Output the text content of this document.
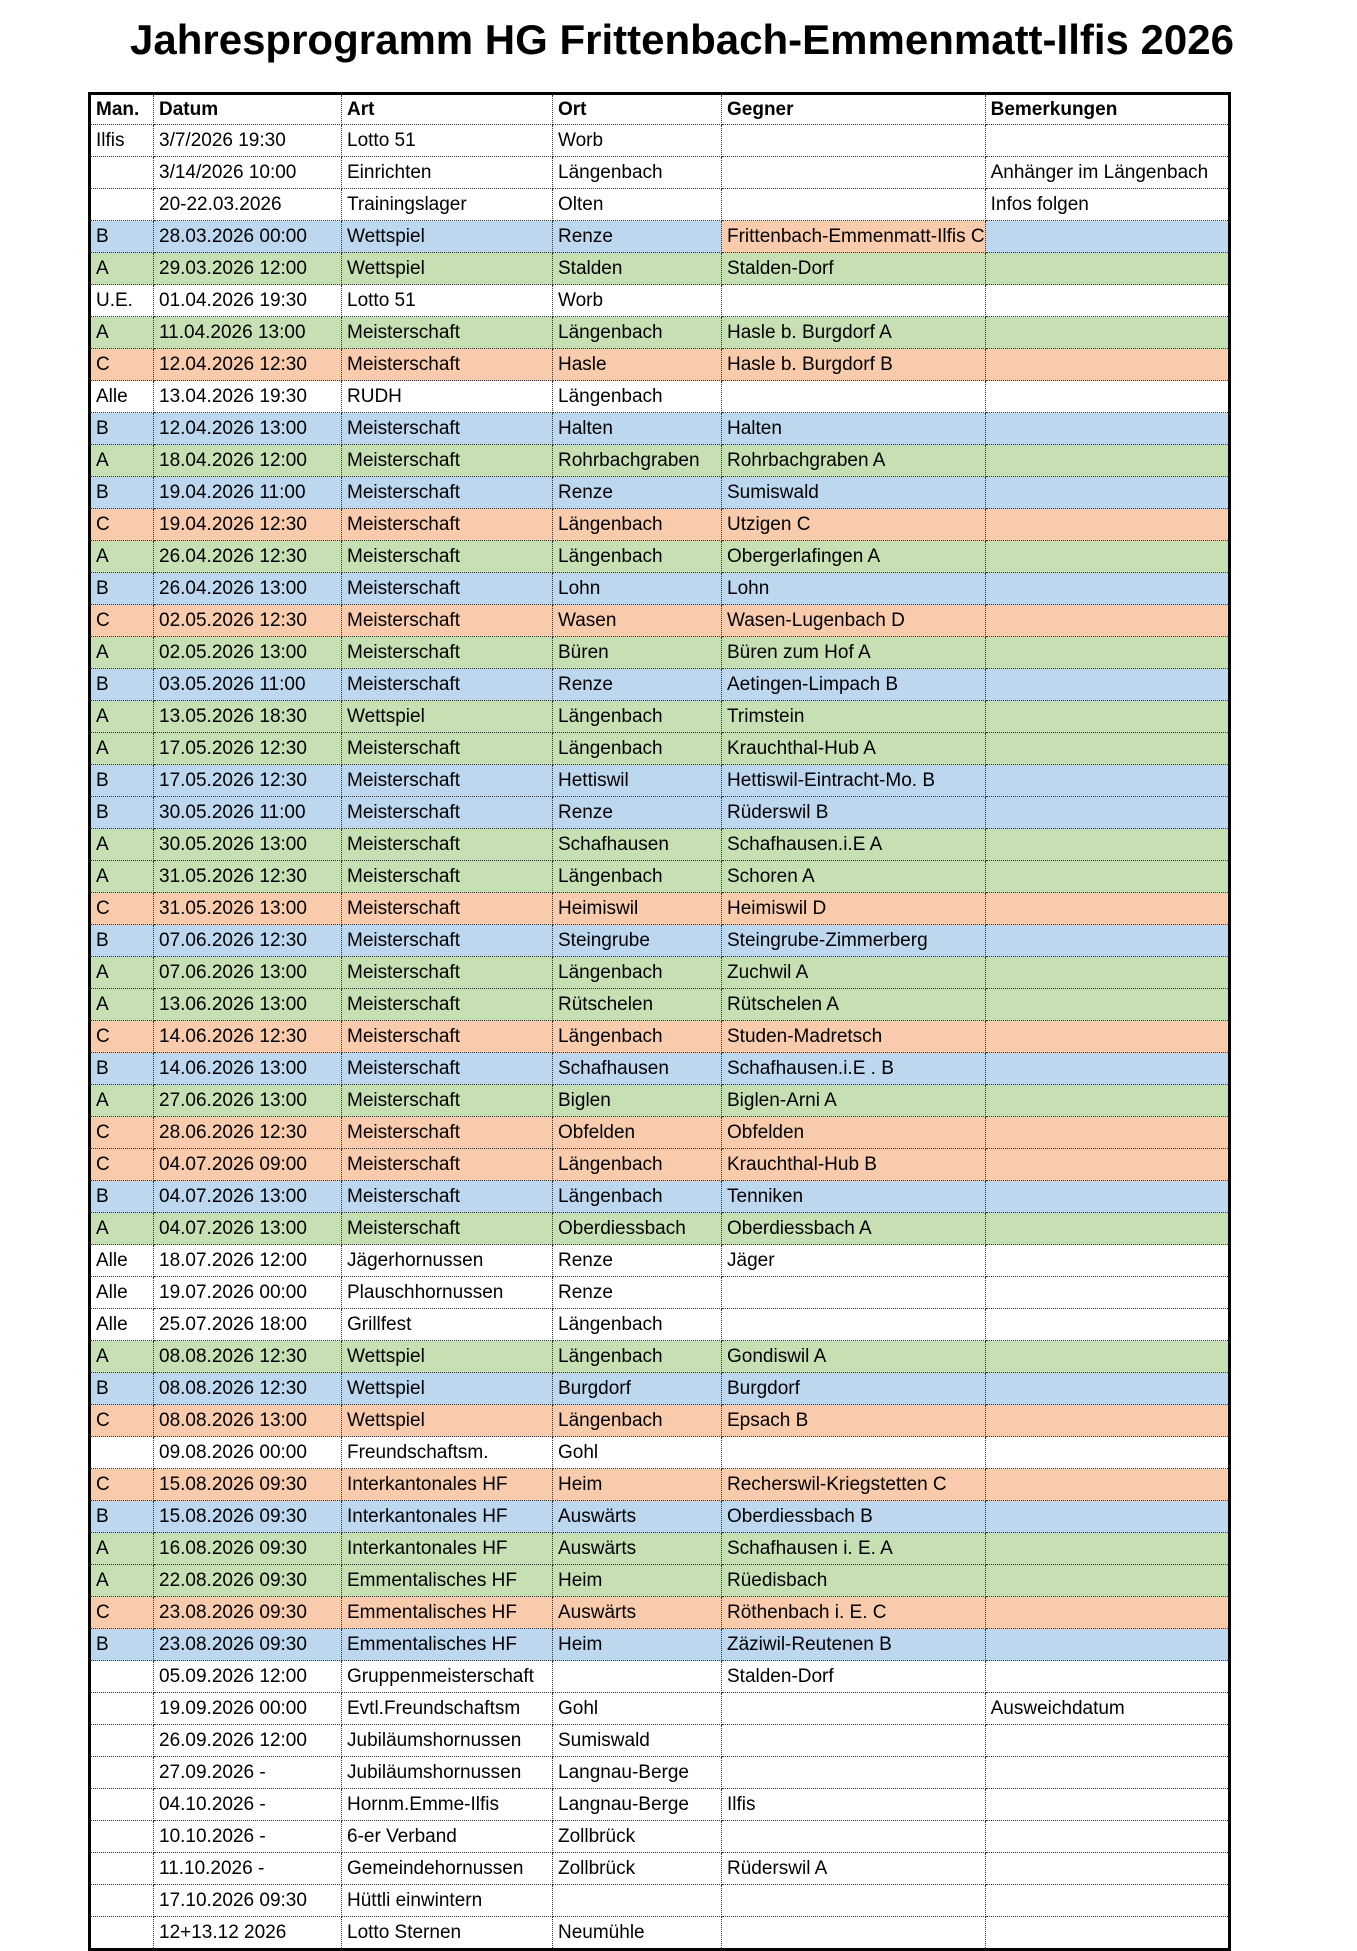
Jahresprogramm HG Frittenbach-Emmenmatt-Ilfis 2026
Man.	Datum	Art	Ort	Gegner	Bemerkungen
Ilfis	3/7/2026 19:30	Lotto 51	Worb		
	3/14/2026 10:00	Einrichten	Längenbach		Anhänger im Längenbach
	20-22.03.2026	Trainingslager	Olten		Infos folgen
B	28.03.2026 00:00	Wettspiel	Renze	Frittenbach-Emmenmatt-Ilfis C	
A	29.03.2026 12:00	Wettspiel	Stalden	Stalden-Dorf	
U.E.	01.04.2026 19:30	Lotto 51	Worb		
A	11.04.2026 13:00	Meisterschaft	Längenbach	Hasle b. Burgdorf A	
C	12.04.2026 12:30	Meisterschaft	Hasle	Hasle b. Burgdorf B	
Alle	13.04.2026 19:30	RUDH	Längenbach		
B	12.04.2026 13:00	Meisterschaft	Halten	Halten	
A	18.04.2026 12:00	Meisterschaft	Rohrbachgraben	Rohrbachgraben A	
B	19.04.2026 11:00	Meisterschaft	Renze	Sumiswald	
C	19.04.2026 12:30	Meisterschaft	Längenbach	Utzigen C	
A	26.04.2026 12:30	Meisterschaft	Längenbach	Obergerlafingen A	
B	26.04.2026 13:00	Meisterschaft	Lohn	Lohn	
C	02.05.2026 12:30	Meisterschaft	Wasen	Wasen-Lugenbach D	
A	02.05.2026 13:00	Meisterschaft	Büren	Büren zum Hof A	
B	03.05.2026 11:00	Meisterschaft	Renze	Aetingen-Limpach B	
A	13.05.2026 18:30	Wettspiel	Längenbach	Trimstein	
A	17.05.2026 12:30	Meisterschaft	Längenbach	Krauchthal-Hub A	
B	17.05.2026 12:30	Meisterschaft	Hettiswil	Hettiswil-Eintracht-Mo. B	
B	30.05.2026 11:00	Meisterschaft	Renze	Rüderswil B	
A	30.05.2026 13:00	Meisterschaft	Schafhausen	Schafhausen.i.E A	
A	31.05.2026 12:30	Meisterschaft	Längenbach	Schoren A	
C	31.05.2026 13:00	Meisterschaft	Heimiswil	Heimiswil D	
B	07.06.2026 12:30	Meisterschaft	Steingrube	Steingrube-Zimmerberg	
A	07.06.2026 13:00	Meisterschaft	Längenbach	Zuchwil A	
A	13.06.2026 13:00	Meisterschaft	Rütschelen	Rütschelen A	
C	14.06.2026 12:30	Meisterschaft	Längenbach	Studen-Madretsch	
B	14.06.2026 13:00	Meisterschaft	Schafhausen	Schafhausen.i.E . B	
A	27.06.2026 13:00	Meisterschaft	Biglen	Biglen-Arni A	
C	28.06.2026 12:30	Meisterschaft	Obfelden	Obfelden	
C	04.07.2026 09:00	Meisterschaft	Längenbach	Krauchthal-Hub B	
B	04.07.2026 13:00	Meisterschaft	Längenbach	Tenniken	
A	04.07.2026 13:00	Meisterschaft	Oberdiessbach	Oberdiessbach A	
Alle	18.07.2026 12:00	Jägerhornussen	Renze	Jäger	
Alle	19.07.2026 00:00	Plauschhornussen	Renze		
Alle	25.07.2026 18:00	Grillfest	Längenbach		
A	08.08.2026 12:30	Wettspiel	Längenbach	Gondiswil A	
B	08.08.2026 12:30	Wettspiel	Burgdorf	Burgdorf	
C	08.08.2026 13:00	Wettspiel	Längenbach	Epsach B	
	09.08.2026 00:00	Freundschaftsm.	Gohl		
C	15.08.2026 09:30	Interkantonales HF	Heim	Recherswil-Kriegstetten C	
B	15.08.2026 09:30	Interkantonales HF	Auswärts	Oberdiessbach B	
A	16.08.2026 09:30	Interkantonales HF	Auswärts	Schafhausen i. E. A	
A	22.08.2026 09:30	Emmentalisches HF	Heim	Rüedisbach	
C	23.08.2026 09:30	Emmentalisches HF	Auswärts	Röthenbach i. E. C	
B	23.08.2026 09:30	Emmentalisches HF	Heim	Zäziwil-Reutenen B	
	05.09.2026 12:00	Gruppenmeisterschaft		Stalden-Dorf	
	19.09.2026 00:00	Evtl.Freundschaftsm	Gohl		Ausweichdatum
	26.09.2026 12:00	Jubiläumshornussen	Sumiswald		
	27.09.2026 -	Jubiläumshornussen	Langnau-Berge		
	04.10.2026 -	Hornm.Emme-Ilfis	Langnau-Berge	Ilfis	
	10.10.2026 -	6-er Verband	Zollbrück		
	11.10.2026 -	Gemeindehornussen	Zollbrück	Rüderswil A	
	17.10.2026 09:30	Hüttli einwintern			
	12+13.12 2026	Lotto Sternen	Neumühle		
